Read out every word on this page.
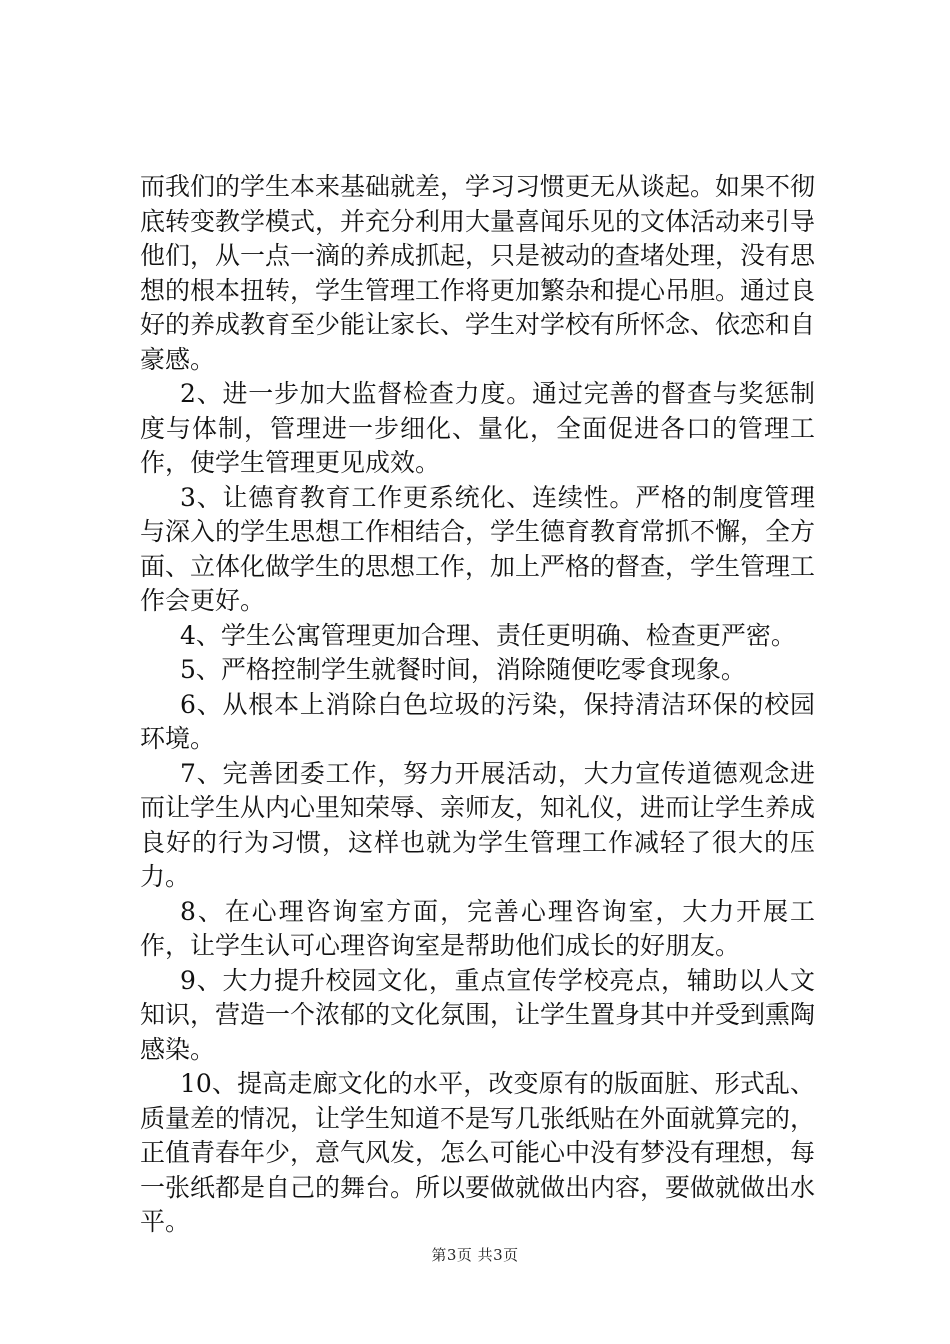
而我们的学生本来基础就差，学习习惯更无从谈起。如果不彻底转变教学模式，并充分利用大量喜闻乐见的文体活动来引导他们，从一点一滴的养成抓起，只是被动的查堵处理，没有思想的根本扭转，学生管理工作将更加繁杂和提心吊胆。通过良好的养成教育至少能让家长、学生对学校有所怀念、依恋和自豪感。

2、进一步加大监督检查力度。通过完善的督查与奖惩制度与体制，管理进一步细化、量化，全面促进各口的管理工作，使学生管理更见成效。

3、让德育教育工作更系统化、连续性。严格的制度管理与深入的学生思想工作相结合，学生德育教育常抓不懈，全方面、立体化做学生的思想工作，加上严格的督查，学生管理工作会更好。

4、学生公寓管理更加合理、责任更明确、检查更严密。

5、严格控制学生就餐时间，消除随便吃零食现象。

6、从根本上消除白色垃圾的污染，保持清洁环保的校园环境。

7、完善团委工作，努力开展活动，大力宣传道德观念进而让学生从内心里知荣辱、亲师友，知礼仪，进而让学生养成良好的行为习惯，这样也就为学生管理工作减轻了很大的压力。

8、在心理咨询室方面，完善心理咨询室，大力开展工作，让学生认可心理咨询室是帮助他们成长的好朋友。

9、大力提升校园文化，重点宣传学校亮点，辅助以人文知识，营造一个浓郁的文化氛围，让学生置身其中并受到熏陶感染。

10、提高走廊文化的水平，改变原有的版面脏、形式乱、质量差的情况，让学生知道不是写几张纸贴在外面就算完的，正值青春年少，意气风发，怎么可能心中没有梦没有理想，每一张纸都是自己的舞台。所以要做就做出内容，要做就做出水平。

第3页 共3页
